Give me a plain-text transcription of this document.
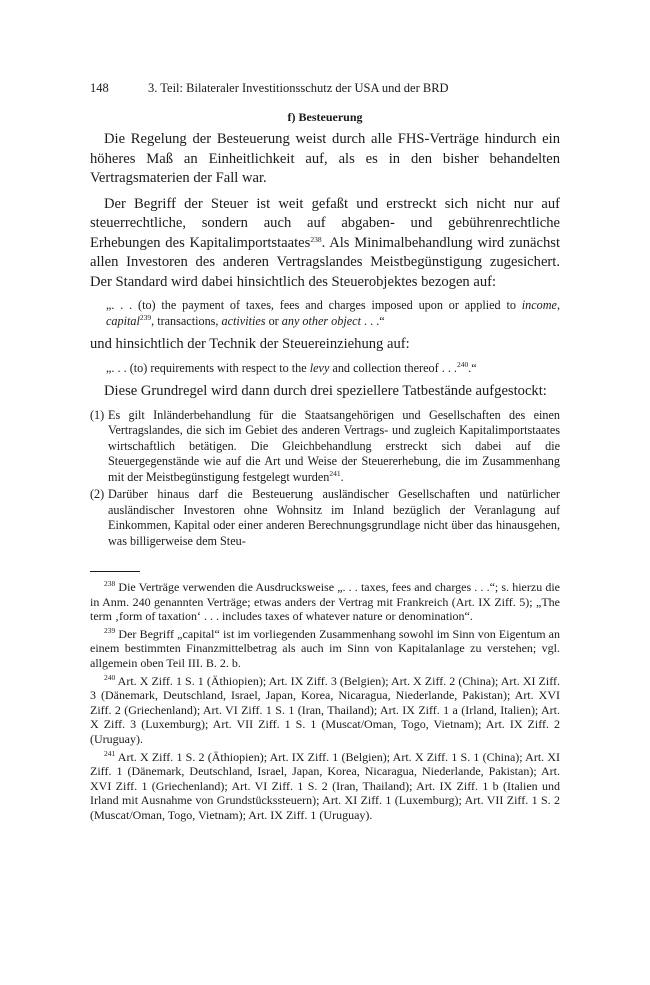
148	3. Teil: Bilateraler Investitionsschutz der USA und der BRD
f) Besteuerung

Die Regelung der Besteuerung weist durch alle FHS-Verträge hindurch ein höheres Maß an Einheitlichkeit auf, als es in den bisher behandelten Vertragsmaterien der Fall war.

Der Begriff der Steuer ist weit gefaßt und erstreckt sich nicht nur auf steuerrechtliche, sondern auch auf abgaben- und gebührenrechtliche Erhebungen des Kapitalimportstaates$^{238}$. Als Minimalbehandlung wird zunächst allen Investoren des anderen Vertragslandes Meistbegünstigung zugesichert. Der Standard wird dabei hinsichtlich des Steuerobjektes bezogen auf:

„. . . (to) the payment of taxes, fees and charges imposed upon or applied to income, capital$^{239}$, transactions, activities or any other object . . .“

und hinsichtlich der Technik der Steuereinziehung auf:

„. . . (to) requirements with respect to the levy and collection thereof . . .$^{240}$.“

Diese Grundregel wird dann durch drei speziellere Tatbestände aufgestockt:

(1) Es gilt Inländerbehandlung für die Staatsangehörigen und Gesellschaften des einen Vertragslandes, die sich im Gebiet des anderen Vertrags- und zugleich Kapitalimportstaates wirtschaftlich betätigen. Die Gleichbehandlung erstreckt sich dabei auf die Steuergegenstände wie auf die Art und Weise der Steuererhebung, die im Zusammenhang mit der Meistbegünstigung festgelegt wurden$^{241}$.
(2) Darüber hinaus darf die Besteuerung ausländischer Gesellschaften und natürlicher ausländischer Investoren ohne Wohnsitz im Inland bezüglich der Veranlagung auf Einkommen, Kapital oder einer anderen Berechnungsgrundlage nicht über das hinausgehen, was billigerweise dem Steu-

$^{238}$ Die Verträge verwenden die Ausdrucksweise „. . . taxes, fees and charges . . .“; s. hierzu die in Anm. 240 genannten Verträge; etwas anders der Vertrag mit Frankreich (Art. IX Ziff. 5); „The term ‚form of taxation‘ . . . includes taxes of whatever nature or denomination“.

$^{239}$ Der Begriff „capital“ ist im vorliegenden Zusammenhang sowohl im Sinn von Eigentum an einem bestimmten Finanzmittelbetrag als auch im Sinn von Kapitalanlage zu verstehen; vgl. allgemein oben Teil III. B. 2. b.

$^{240}$ Art. X Ziff. 1 S. 1 (Äthiopien); Art. IX Ziff. 3 (Belgien); Art. X Ziff. 2 (China); Art. XI Ziff. 3 (Dänemark, Deutschland, Israel, Japan, Korea, Nicaragua, Niederlande, Pakistan); Art. XVI Ziff. 2 (Griechenland); Art. VI Ziff. 1 S. 1 (Iran, Thailand); Art. IX Ziff. 1 a (Irland, Italien); Art. X Ziff. 3 (Luxemburg); Art. VII Ziff. 1 S. 1 (Muscat/Oman, Togo, Vietnam); Art. IX Ziff. 2 (Uruguay).

$^{241}$ Art. X Ziff. 1 S. 2 (Äthiopien); Art. IX Ziff. 1 (Belgien); Art. X Ziff. 1 S. 1 (China); Art. XI Ziff. 1 (Dänemark, Deutschland, Israel, Japan, Korea, Nicaragua, Niederlande, Pakistan); Art. XVI Ziff. 1 (Griechenland); Art. VI Ziff. 1 S. 2 (Iran, Thailand); Art. IX Ziff. 1 b (Italien und Irland mit Ausnahme von Grundstückssteuern); Art. XI Ziff. 1 (Luxemburg); Art. VII Ziff. 1 S. 2 (Muscat/Oman, Togo, Vietnam); Art. IX Ziff. 1 (Uruguay).
